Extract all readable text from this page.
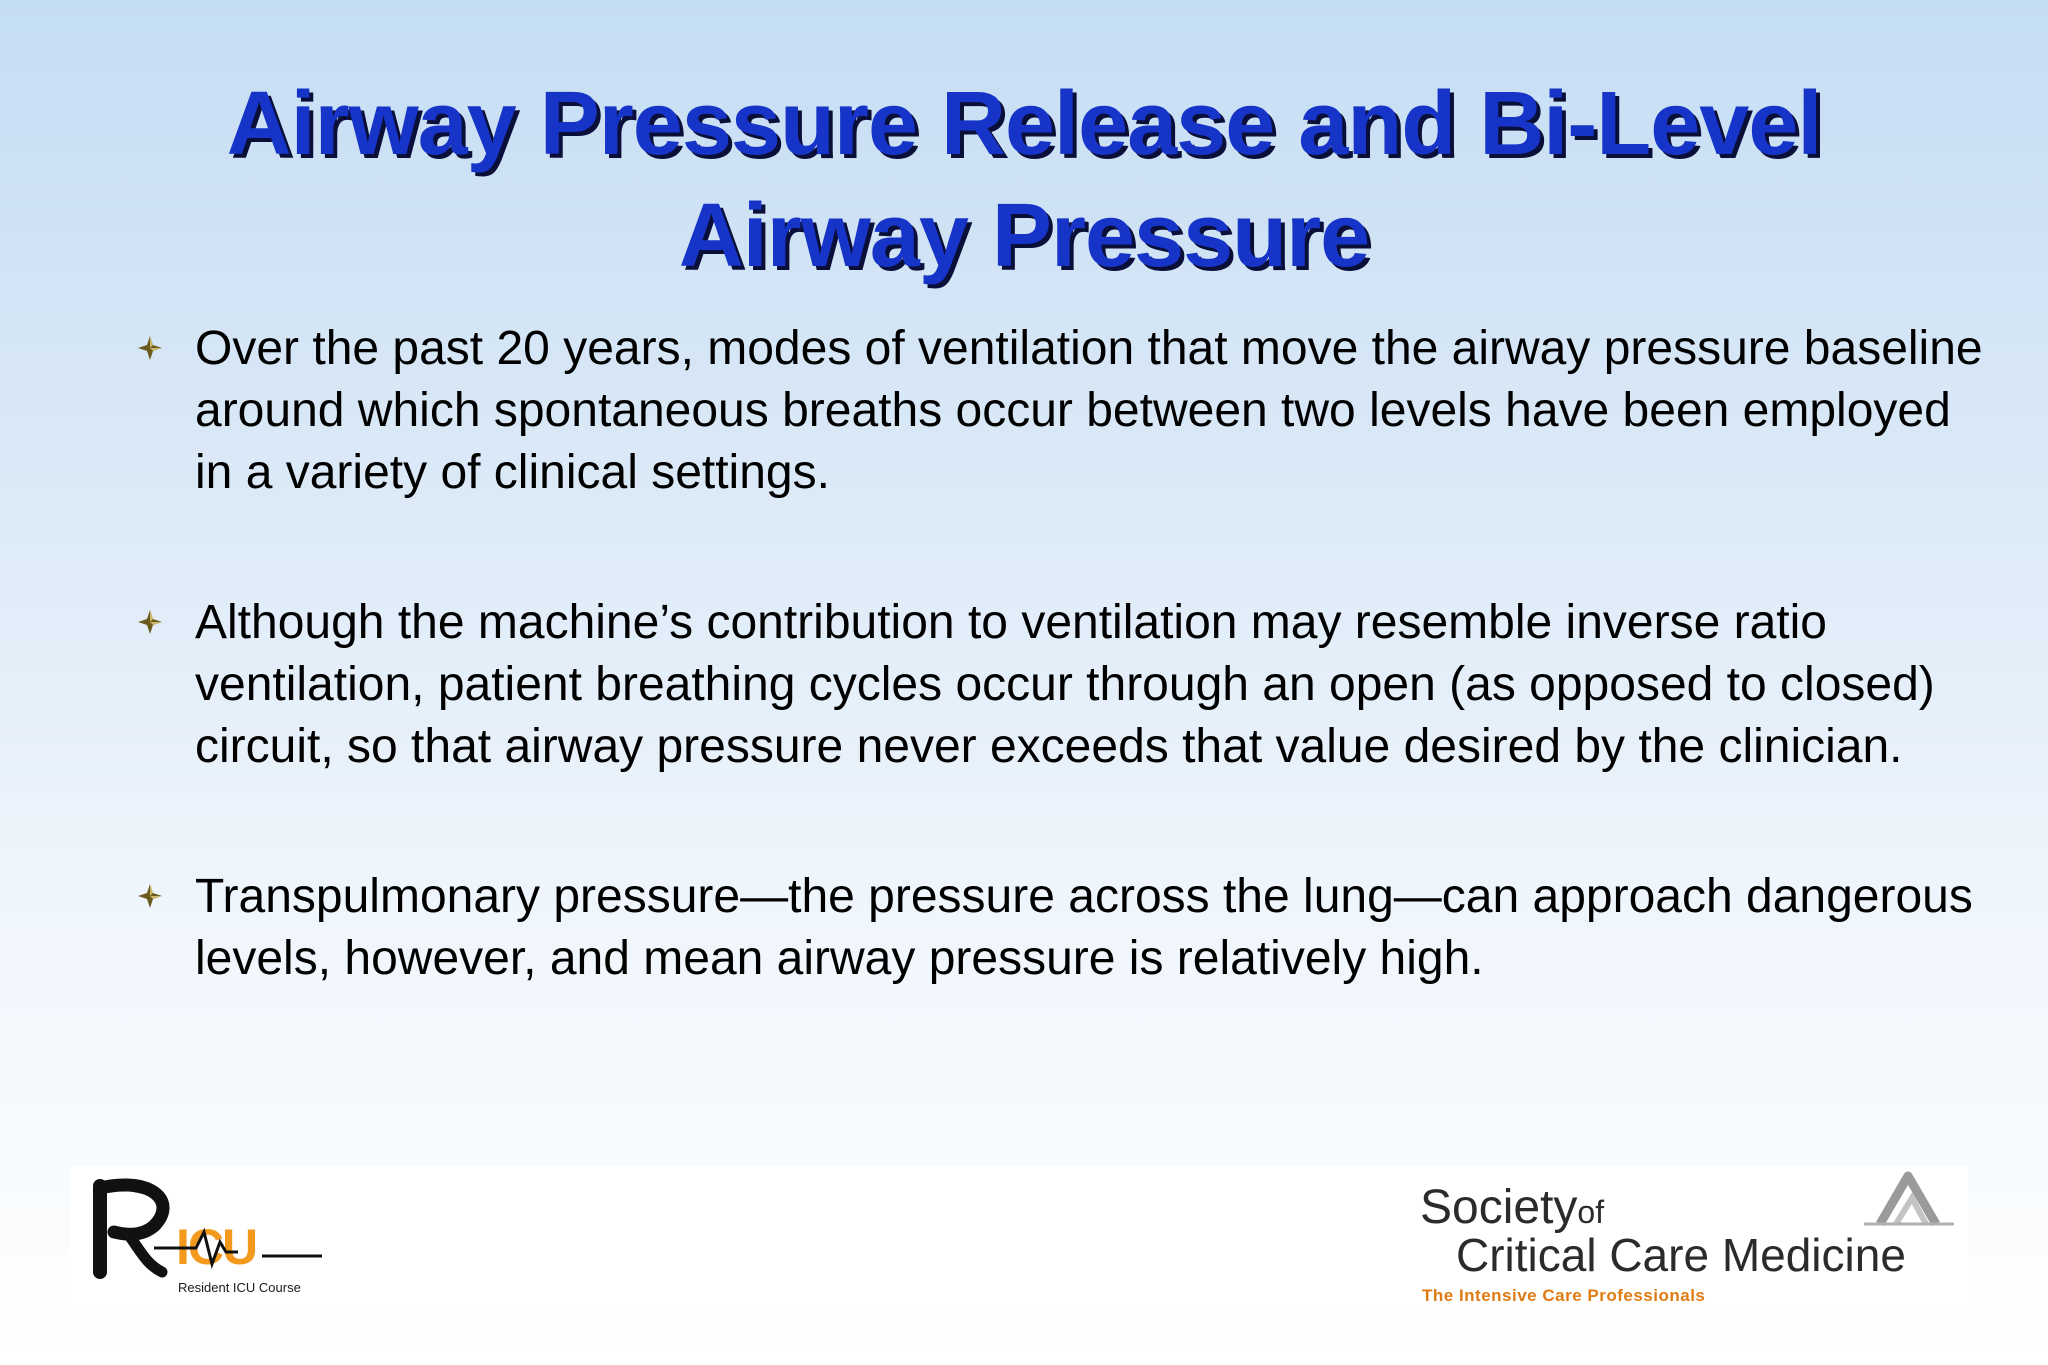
Airway Pressure Release and Bi-Level
Airway Pressure
Over the past 20 years, modes of ventilation that move the airway pressure baseline around which spontaneous breaths occur between two levels have been employed in a variety of clinical settings.
Although the machine’s contribution to ventilation may resemble inverse ratio ventilation, patient breathing cycles occur through an open (as opposed to closed) circuit, so that airway pressure never exceeds that value desired by the clinician.
Transpulmonary pressure—the pressure across the lung—can approach dangerous levels, however, and mean airway pressure is relatively high.
ICU
Resident ICU Course
Societyof
Critical Care Medicine
The Intensive Care Professionals
